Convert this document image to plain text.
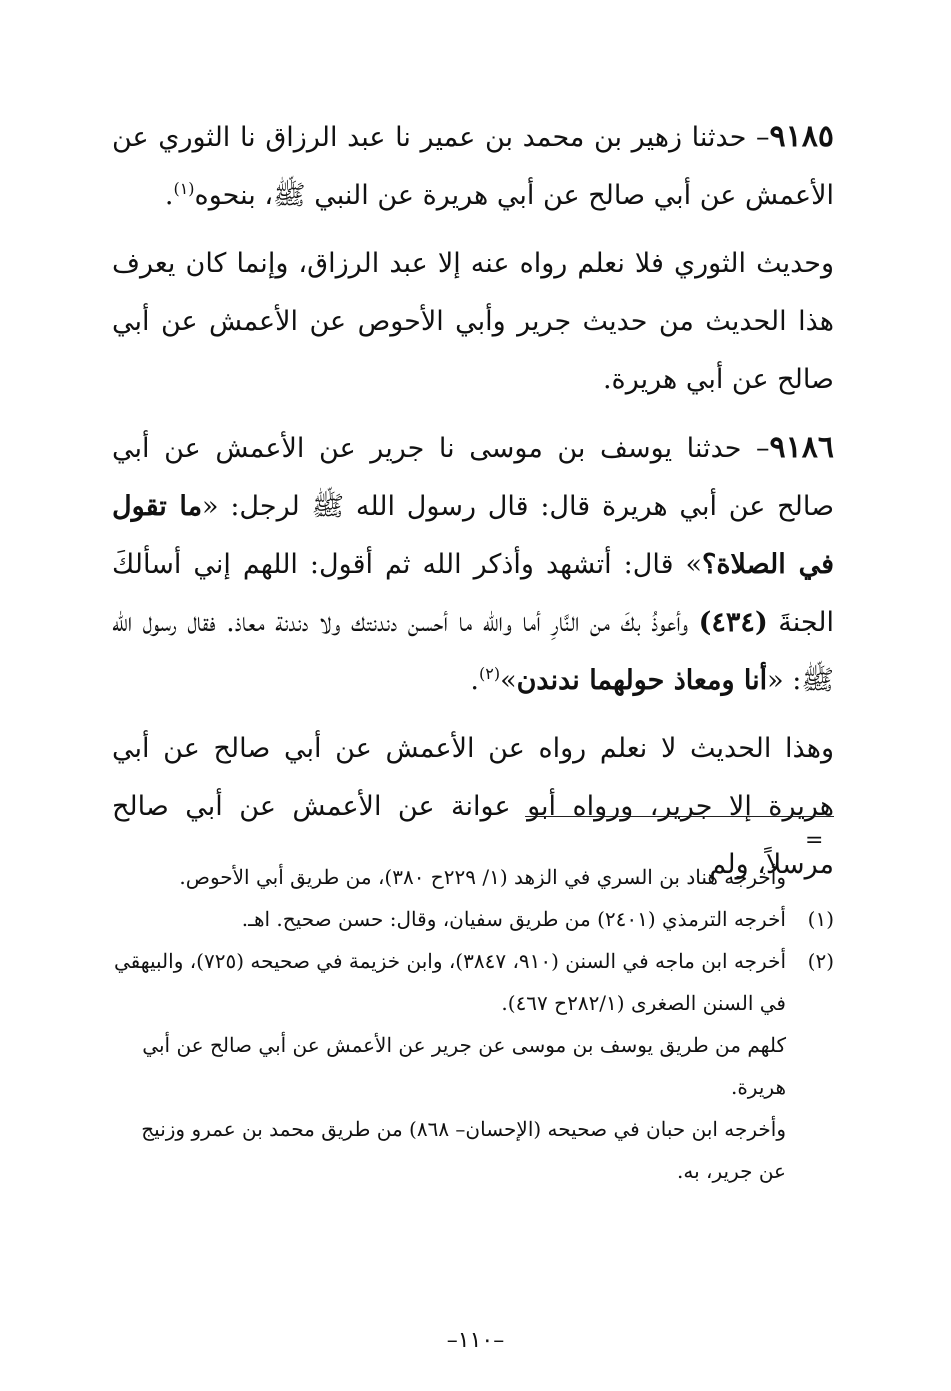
٩١٨٥– حدثنا زهير بن محمد بن عمير نا عبد الرزاق نا الثوري عن الأعمش عن أبي صالح عن أبي هريرة عن النبي ﷺ، بنحوه$^{(١)}$.

وحديث الثوري فلا نعلم رواه عنه إلا عبد الرزاق، وإنما كان يعرف هذا الحديث من حديث جرير وأبي الأحوص عن الأعمش عن أبي صالح عن أبي هريرة.

٩١٨٦– حدثنا يوسف بن موسى نا جرير عن الأعمش عن أبي صالح عن أبي هريرة قال: قال رسول الله ﷺ لرجل: «ما تقول في الصلاة؟» قال: أتشهد وأذكر الله ثم أقول: اللهم إني أسألكَ الجنةَ (٤٣٤) وأعوذُ بكَ من النَّارِ أما والله ما أحسن دندنتك ولا دندنة معاذ. فقال رسول الله ﷺ: «أنا ومعاذ حولهما ندندن»$^{(٢)}$.

وهذا الحديث لا نعلم رواه عن الأعمش عن أبي صالح عن أبي هريرة إلا جرير، ورواه أبو عوانة عن الأعمش عن أبي صالح مرسلاً، ولم

=

وأخرجه هناد بن السري في الزهد (١/ ٢٢٩ح ٣٨٠)، من طريق أبي الأحوص.

(١)أخرجه الترمذي (٢٤٠١) من طريق سفيان، وقال: حسن صحيح. اهـ.

(٢)أخرجه ابن ماجه في السنن (٩١٠، ٣٨٤٧)، وابن خزيمة في صحيحه (٧٢٥)، والبيهقي في السنن الصغرى (٢٨٢/١ح ٤٦٧).

كلهم من طريق يوسف بن موسى عن جرير عن الأعمش عن أبي صالح عن أبي هريرة.

وأخرجه ابن حبان في صحيحه (الإحسان– ٨٦٨) من طريق محمد بن عمرو وزنيج عن جرير، به.

–١١٠–
